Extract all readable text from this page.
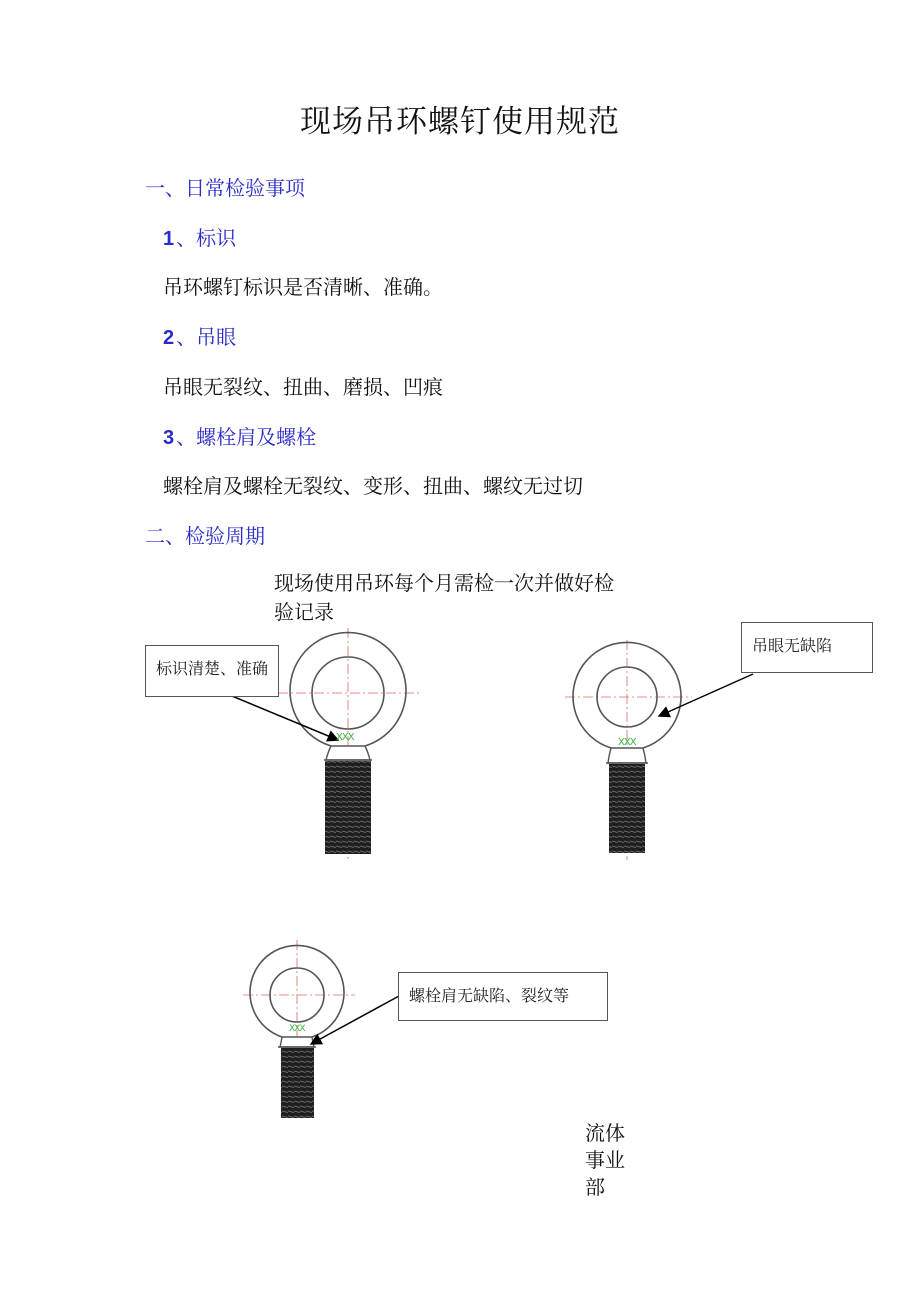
现场吊环螺钉使用规范
一、日常检验事项
1 、标识
吊环螺钉标识是否清晰、准确。
2 、吊眼
吊眼无裂纹、扭曲、磨损、凹痕
3 、螺栓肩及螺栓
螺栓肩及螺栓无裂纹、变形、扭曲、螺纹无过切
二、检验周期
现场使用吊环每个月需检一次并做好检
验记录
XXX	XXX
XXX
标识清楚、准确
吊眼无缺陷
螺栓肩无缺陷、裂纹等
流体
事业
部
